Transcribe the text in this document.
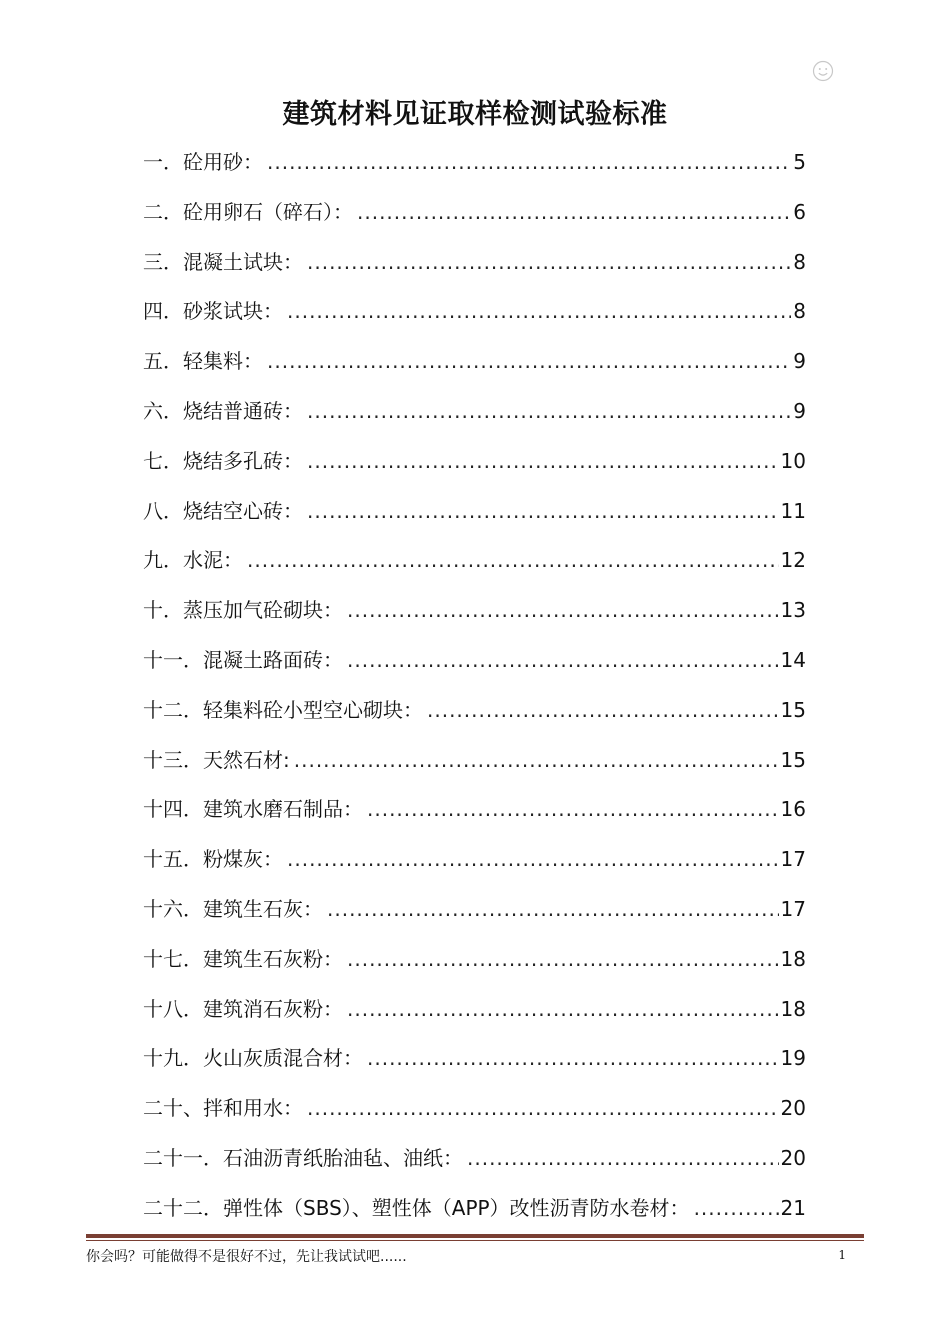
建筑材料见证取样检测试验标准
一．砼用砂： .....	5
二．砼用卵石（碎石）： .....	6
三．混凝土试块： .....	8
四．砂浆试块： .....	8
五．轻集料： .....	9
六．烧结普通砖： .....	9
七．烧结多孔砖： .....	10
八．烧结空心砖： .....	11
九．水泥： .....	12
十．蒸压加气砼砌块： .....	13
十一．混凝土路面砖： .....	14
十二．轻集料砼小型空心砌块： .....	15
十三．天然石材: .....	15
十四．建筑水磨石制品： .....	16
十五．粉煤灰： .....	17
十六．建筑生石灰： .....	17
十七．建筑生石灰粉： .....	18
十八．建筑消石灰粉： .....	18
十九．火山灰质混合材： .....	19
二十、拌和用水： .....	20
二十一．石油沥青纸胎油毡、油纸： .....	20
二十二．弹性体（SBS）、塑性体（APP）改性沥青防水卷材： .....	21
你会吗？可能做得不是很好不过，先让我试试吧......	1
